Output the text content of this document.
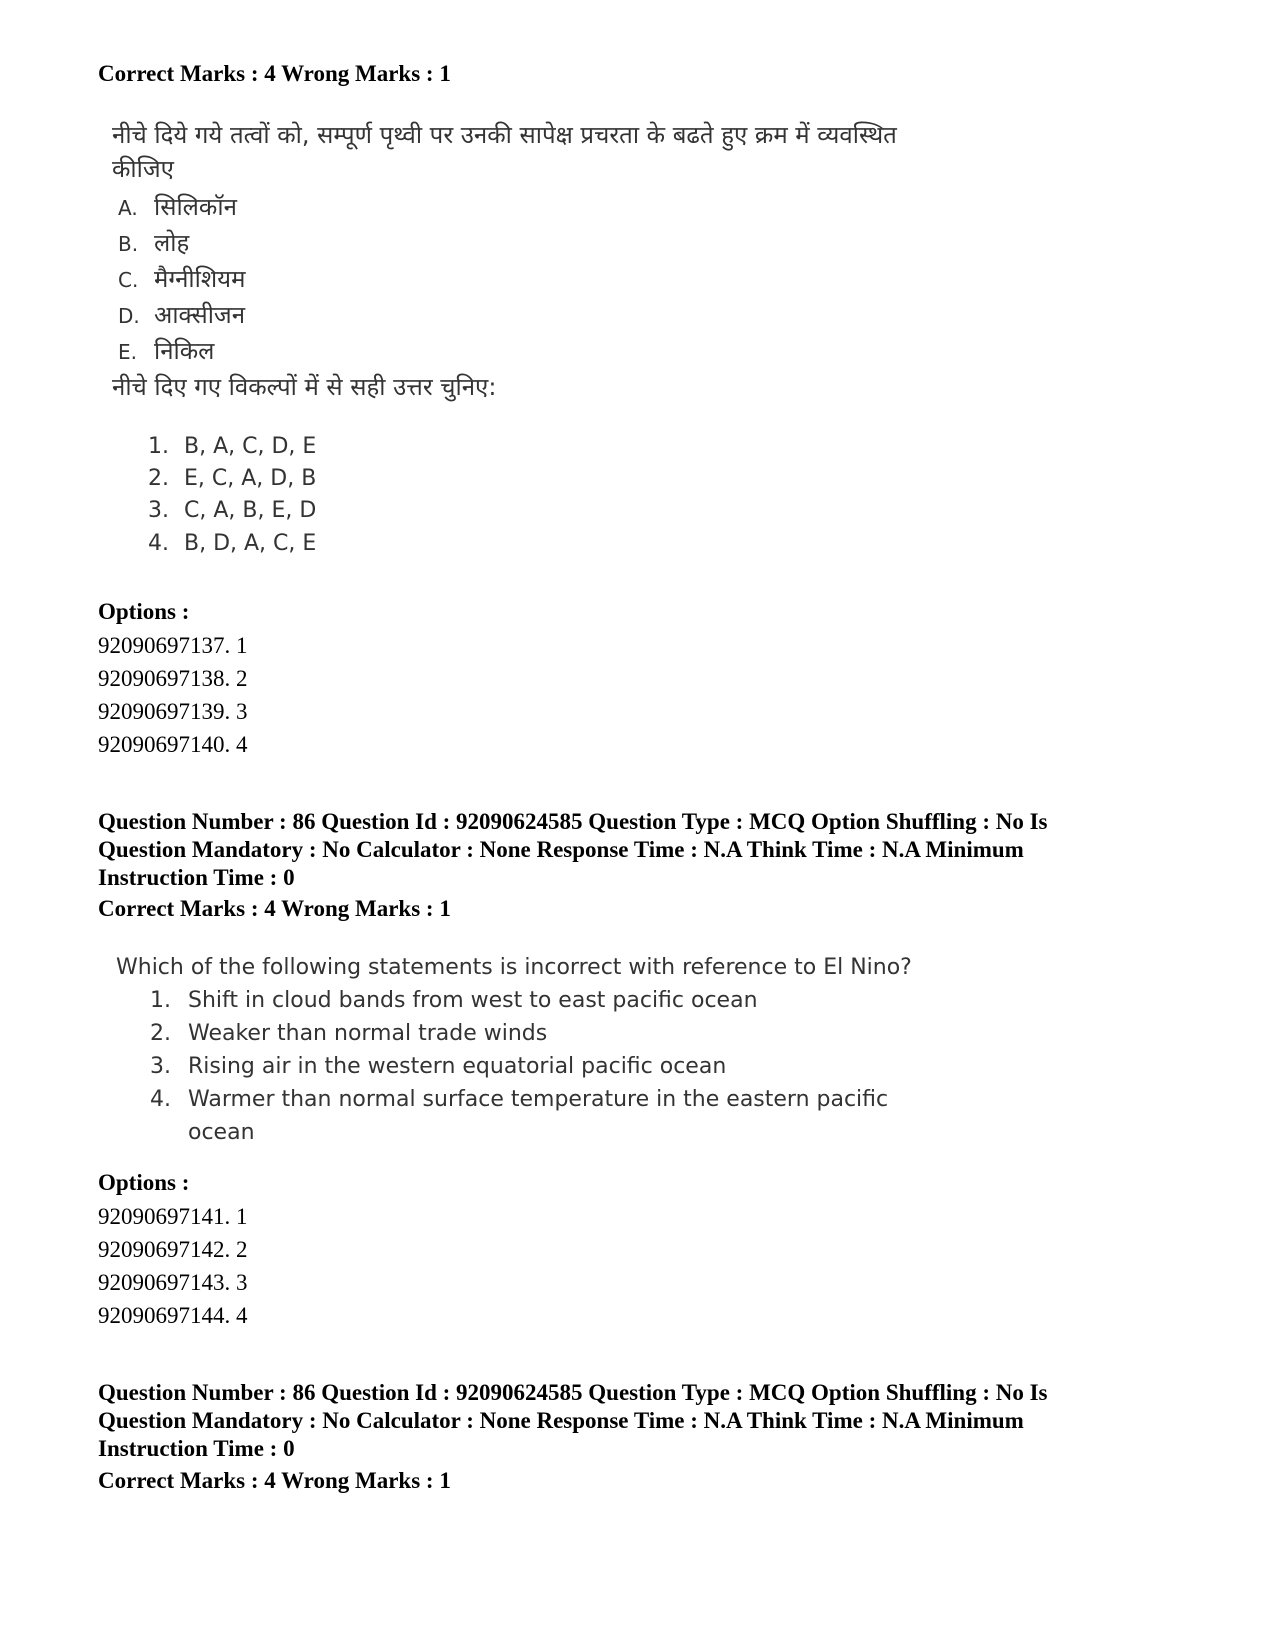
Correct Marks : 4 Wrong Marks : 1
नीचे दिये गये तत्वों को, सम्पूर्ण पृथ्वी पर उनकी सापेक्ष प्रचरता के बढते हुए क्रम में व्यवस्थित
कीजिए
A. सिलिकॉन
B. लोह
C. मैग्नीशियम
D. आक्सीजन
E. निकिल
नीचे दिए गए विकल्पों में से सही उत्तर चुनिए:
1. B, A, C, D, E
2. E, C, A, D, B
3. C, A, B, E, D
4. B, D, A, C, E
Options :
92090697137. 1
92090697138. 2
92090697139. 3
92090697140. 4
Question Number : 86 Question Id : 92090624585 Question Type : MCQ Option Shuffling : No Is
Question Mandatory : No Calculator : None Response Time : N.A Think Time : N.A Minimum
Instruction Time : 0
Correct Marks : 4 Wrong Marks : 1
Which of the following statements is incorrect with reference to El Nino?
1. Shift in cloud bands from west to east pacific ocean
2. Weaker than normal trade winds
3. Rising air in the western equatorial pacific ocean
4. Warmer than normal surface temperature in the eastern pacific
ocean
Options :
92090697141. 1
92090697142. 2
92090697143. 3
92090697144. 4
Question Number : 86 Question Id : 92090624585 Question Type : MCQ Option Shuffling : No Is
Question Mandatory : No Calculator : None Response Time : N.A Think Time : N.A Minimum
Instruction Time : 0
Correct Marks : 4 Wrong Marks : 1
